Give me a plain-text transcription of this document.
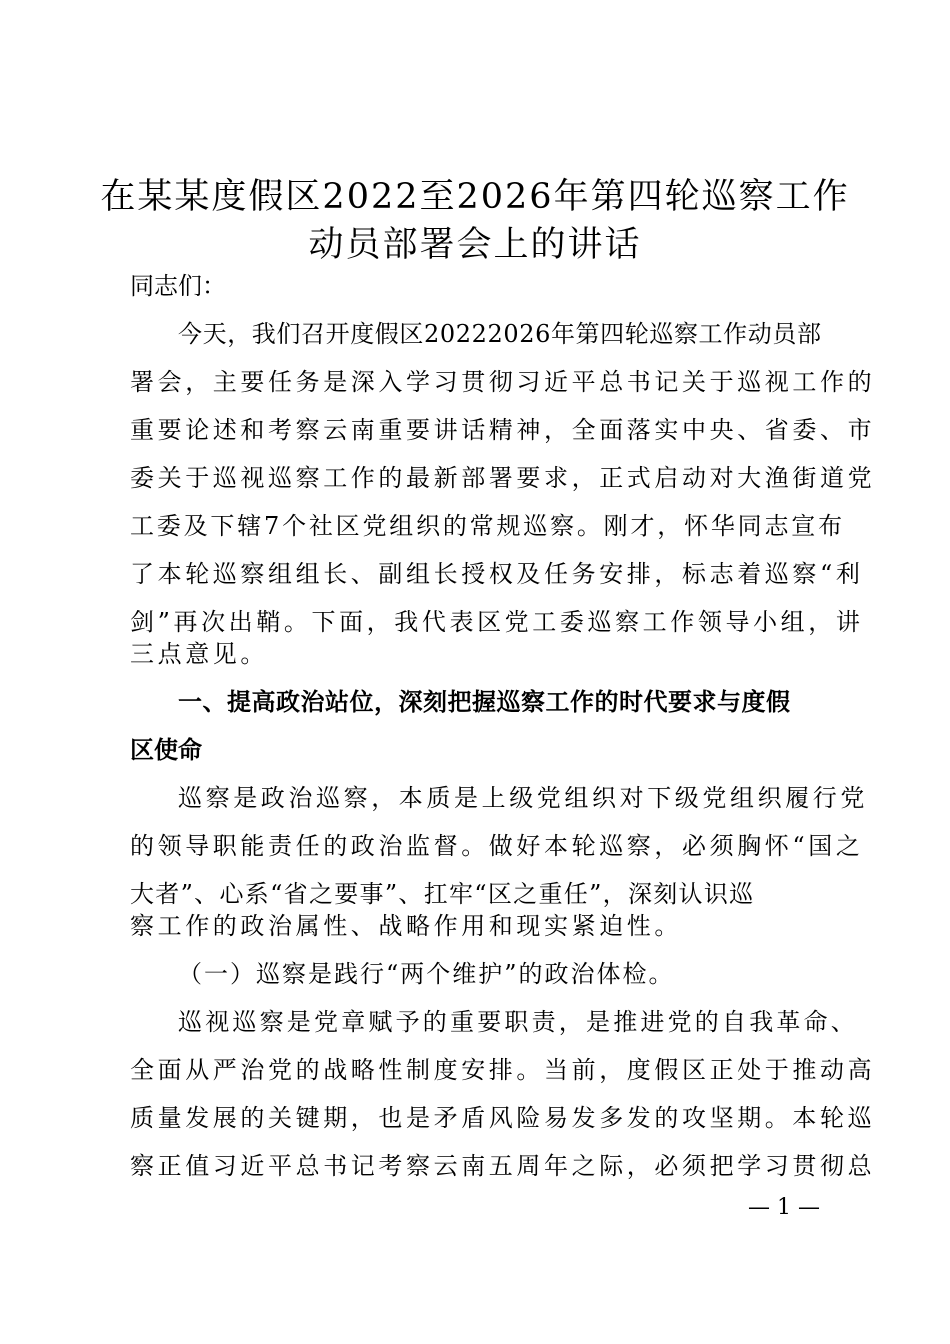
在某某度假区2022至2026年第四轮巡察工作
动员部署会上的讲话
同志们：
今天，我们召开度假区20222026年第四轮巡察工作动员部
署会，主要任务是深入学习贯彻习近平总书记关于巡视工作的
重要论述和考察云南重要讲话精神，全面落实中央、省委、市
委关于巡视巡察工作的最新部署要求，正式启动对大渔街道党
工委及下辖7个社区党组织的常规巡察。刚才，怀华同志宣布
了本轮巡察组组长、副组长授权及任务安排，标志着巡察“利
剑”再次出鞘。下面，我代表区党工委巡察工作领导小组，讲
三点意见。
一、提高政治站位，深刻把握巡察工作的时代要求与度假
区使命
巡察是政治巡察，本质是上级党组织对下级党组织履行党
的领导职能责任的政治监督。做好本轮巡察，必须胸怀“国之
大者”、心系“省之要事”、扛牢“区之重任”，深刻认识巡
察工作的政治属性、战略作用和现实紧迫性。
（一）巡察是践行“两个维护”的政治体检。
巡视巡察是党章赋予的重要职责，是推进党的自我革命、
全面从严治党的战略性制度安排。当前，度假区正处于推动高
质量发展的关键期，也是矛盾风险易发多发的攻坚期。本轮巡
察正值习近平总书记考察云南五周年之际，必须把学习贯彻总
— 1 —
